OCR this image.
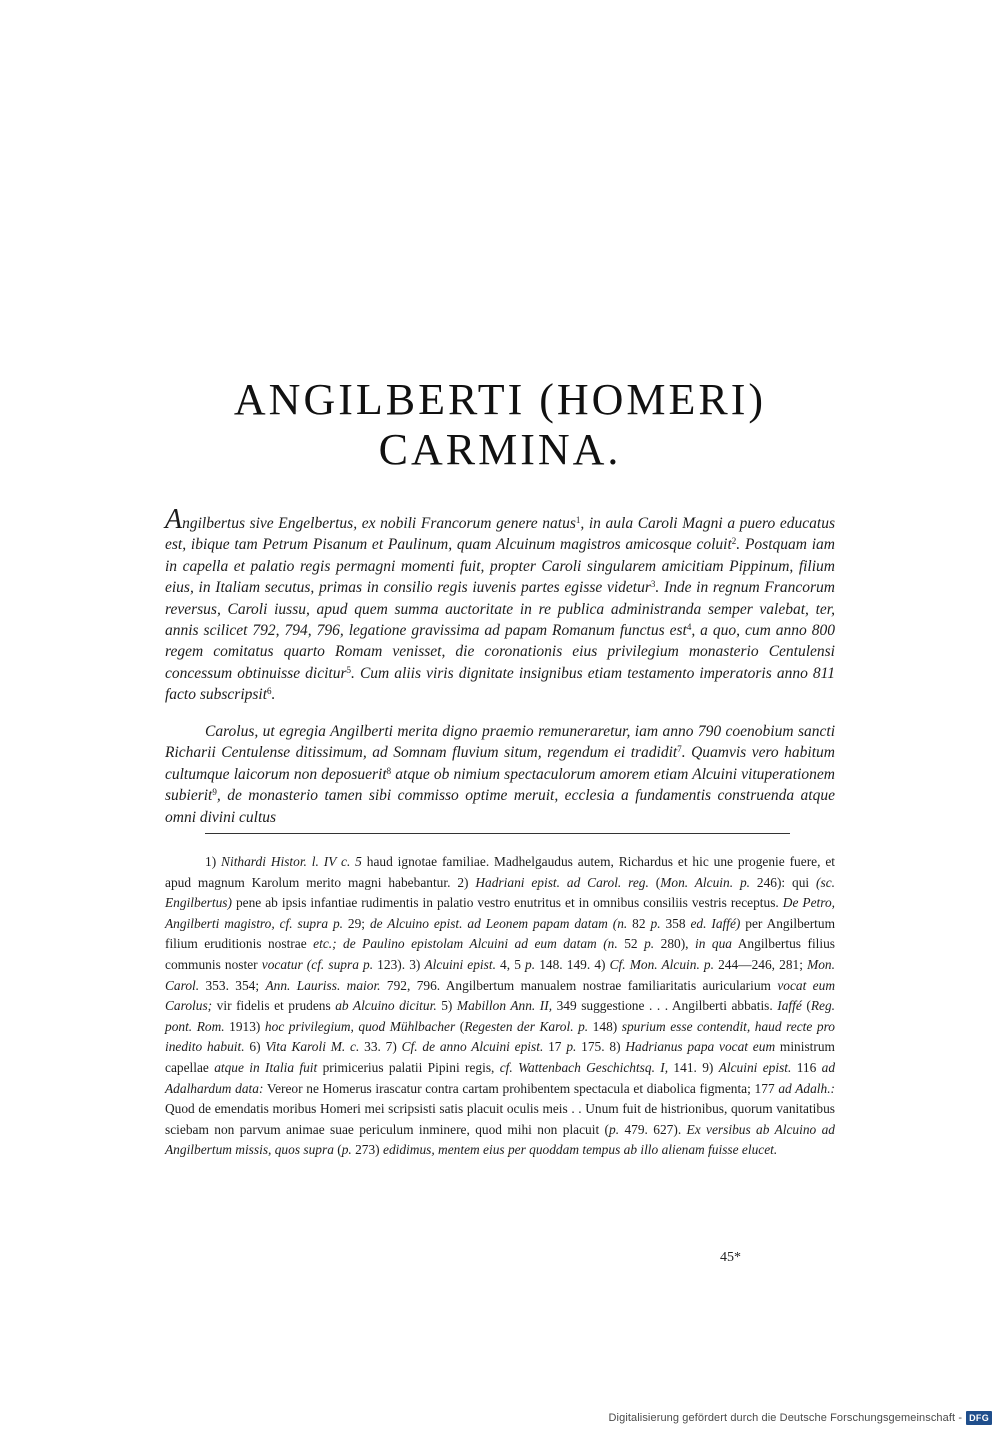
ANGILBERTI (HOMERI)
CARMINA.

Angilbertus sive Engelbertus, ex nobili Francorum genere natus$^1$, in aula Caroli Magni a puero educatus est, ibique tam Petrum Pisanum et Paulinum, quam Alcuinum magistros amicosque coluit$^2$. Postquam iam in capella et palatio regis permagni momenti fuit, propter Caroli singularem amicitiam Pippinum, filium eius, in Italiam secutus, primas in consilio regis iuvenis partes egisse videtur$^3$. Inde in regnum Francorum reversus, Caroli iussu, apud quem summa auctoritate in re publica administranda semper valebat, ter, annis scilicet 792, 794, 796, legatione gravissima ad papam Romanum functus est$^4$, a quo, cum anno 800 regem comitatus quarto Romam venisset, die coronationis eius privilegium monasterio Centulensi concessum obtinuisse dicitur$^5$. Cum aliis viris dignitate insignibus etiam testamento imperatoris anno 811 facto subscripsit$^6$.

Carolus, ut egregia Angilberti merita digno praemio remuneraretur, iam anno 790 coenobium sancti Richarii Centulense ditissimum, ad Somnam fluvium situm, regendum ei tradidit$^7$. Quamvis vero habitum cultumque laicorum non deposuerit$^8$ atque ob nimium spectaculorum amorem etiam Alcuini vituperationem subierit$^9$, de monasterio tamen sibi commisso optime meruit, ecclesia a fundamentis construenda atque omni divini cultus

1) Nithardi Histor. l. IV c. 5 haud ignotae familiae. Madhelgaudus autem, Richardus et hic une progenie fuere, et apud magnum Karolum merito magni habebantur. 2) Hadriani epist. ad Carol. reg. (Mon. Alcuin. p. 246): qui (sc. Engilbertus) pene ab ipsis infantiae rudimentis in palatio vestro enutritus et in omnibus consiliis vestris receptus. De Petro, Angilberti magistro, cf. supra p. 29; de Alcuino epist. ad Leonem papam datam (n. 82 p. 358 ed. Iaffé) per Angilbertum filium eruditionis nostrae etc.; de Paulino epistolam Alcuini ad eum datam (n. 52 p. 280), in qua Angilbertus filius communis noster vocatur (cf. supra p. 123). 3) Alcuini epist. 4, 5 p. 148. 149. 4) Cf. Mon. Alcuin. p. 244—246, 281; Mon. Carol. 353. 354; Ann. Lauriss. maior. 792, 796. Angilbertum manualem nostrae familiaritatis auricularium vocat eum Carolus; vir fidelis et prudens ab Alcuino dicitur. 5) Mabillon Ann. II, 349 suggestione . . . Angilberti abbatis. Iaffé (Reg. pont. Rom. 1913) hoc privilegium, quod Mühlbacher (Regesten der Karol. p. 148) spurium esse contendit, haud recte pro inedito habuit. 6) Vita Karoli M. c. 33. 7) Cf. de anno Alcuini epist. 17 p. 175. 8) Hadrianus papa vocat eum ministrum capellae atque in Italia fuit primicerius palatii Pipini regis, cf. Wattenbach Geschichtsq. I, 141. 9) Alcuini epist. 116 ad Adalhardum data: Vereor ne Homerus irascatur contra cartam prohibentem spectacula et diabolica figmenta; 177 ad Adalh.: Quod de emendatis moribus Homeri mei scripsisti satis placuit oculis meis . . Unum fuit de histrionibus, quorum vanitatibus sciebam non parvum animae suae periculum inminere, quod mihi non placuit (p. 479. 627). Ex versibus ab Alcuino ad Angilbertum missis, quos supra (p. 273) edidimus, mentem eius per quoddam tempus ab illo alienam fuisse elucet.

45*
Digitalisierung gefördert durch die Deutsche Forschungsgemeinschaft - DFG
